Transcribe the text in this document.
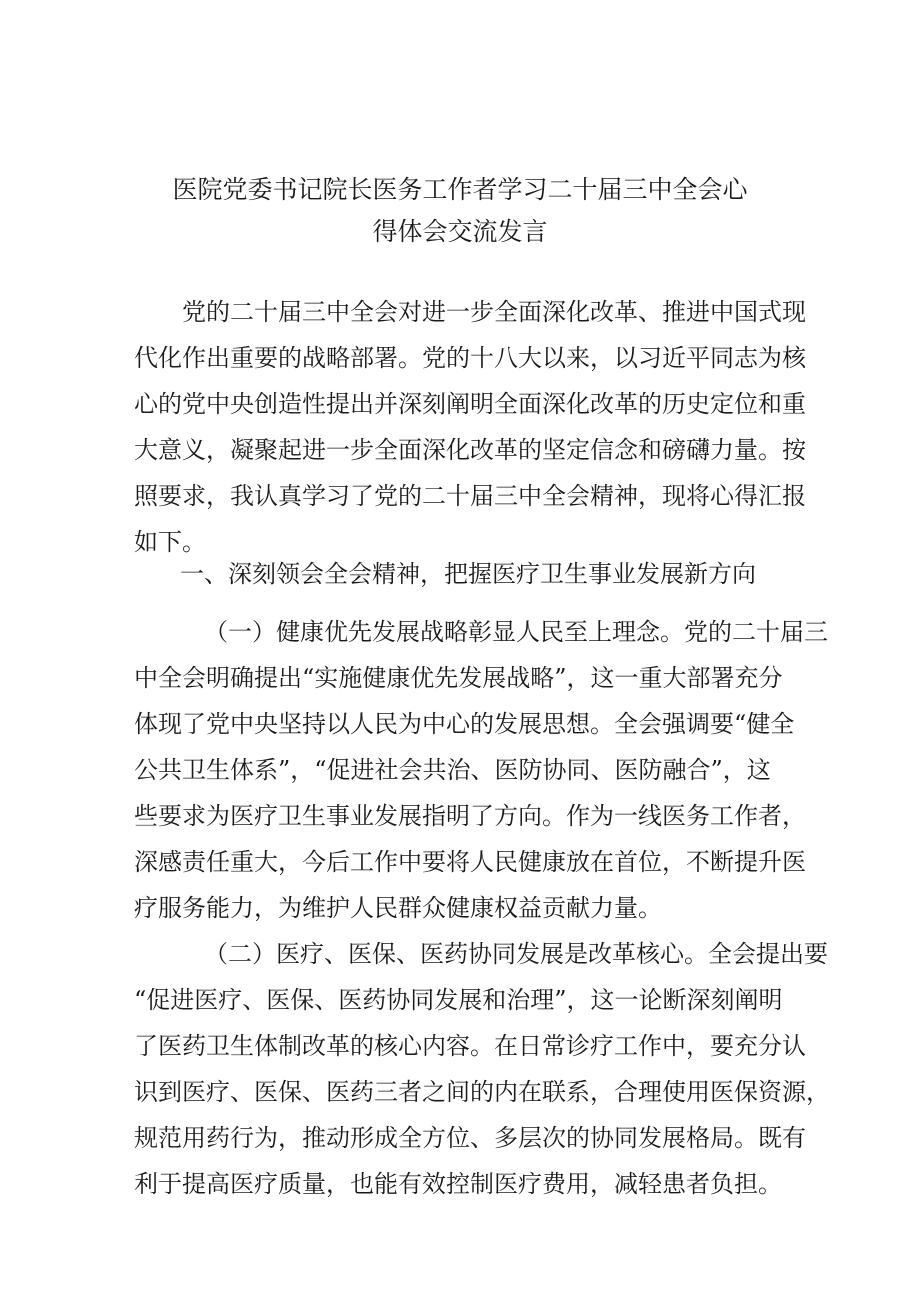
医院党委书记院长医务工作者学习二十届三中全会心
得体会交流发言
党的二十届三中全会对进一步全面深化改革、推进中国式现
代化作出重要的战略部署。党的十八大以来，以习近平同志为核
心的党中央创造性提出并深刻阐明全面深化改革的历史定位和重
大意义，凝聚起进一步全面深化改革的坚定信念和磅礴力量。按
照要求，我认真学习了党的二十届三中全会精神，现将心得汇报
如下。
一、深刻领会全会精神，把握医疗卫生事业发展新方向
（一）健康优先发展战略彰显人民至上理念。党的二十届三
中全会明确提出“实施健康优先发展战略”，这一重大部署充分
体现了党中央坚持以人民为中心的发展思想。全会强调要“健全
公共卫生体系”，“促进社会共治、医防协同、医防融合”，这
些要求为医疗卫生事业发展指明了方向。作为一线医务工作者，
深感责任重大，今后工作中要将人民健康放在首位，不断提升医
疗服务能力，为维护人民群众健康权益贡献力量。
（二）医疗、医保、医药协同发展是改革核心。全会提出要
“促进医疗、医保、医药协同发展和治理”，这一论断深刻阐明
了医药卫生体制改革的核心内容。在日常诊疗工作中，要充分认
识到医疗、医保、医药三者之间的内在联系，合理使用医保资源，
规范用药行为，推动形成全方位、多层次的协同发展格局。既有
利于提高医疗质量，也能有效控制医疗费用，减轻患者负担。
